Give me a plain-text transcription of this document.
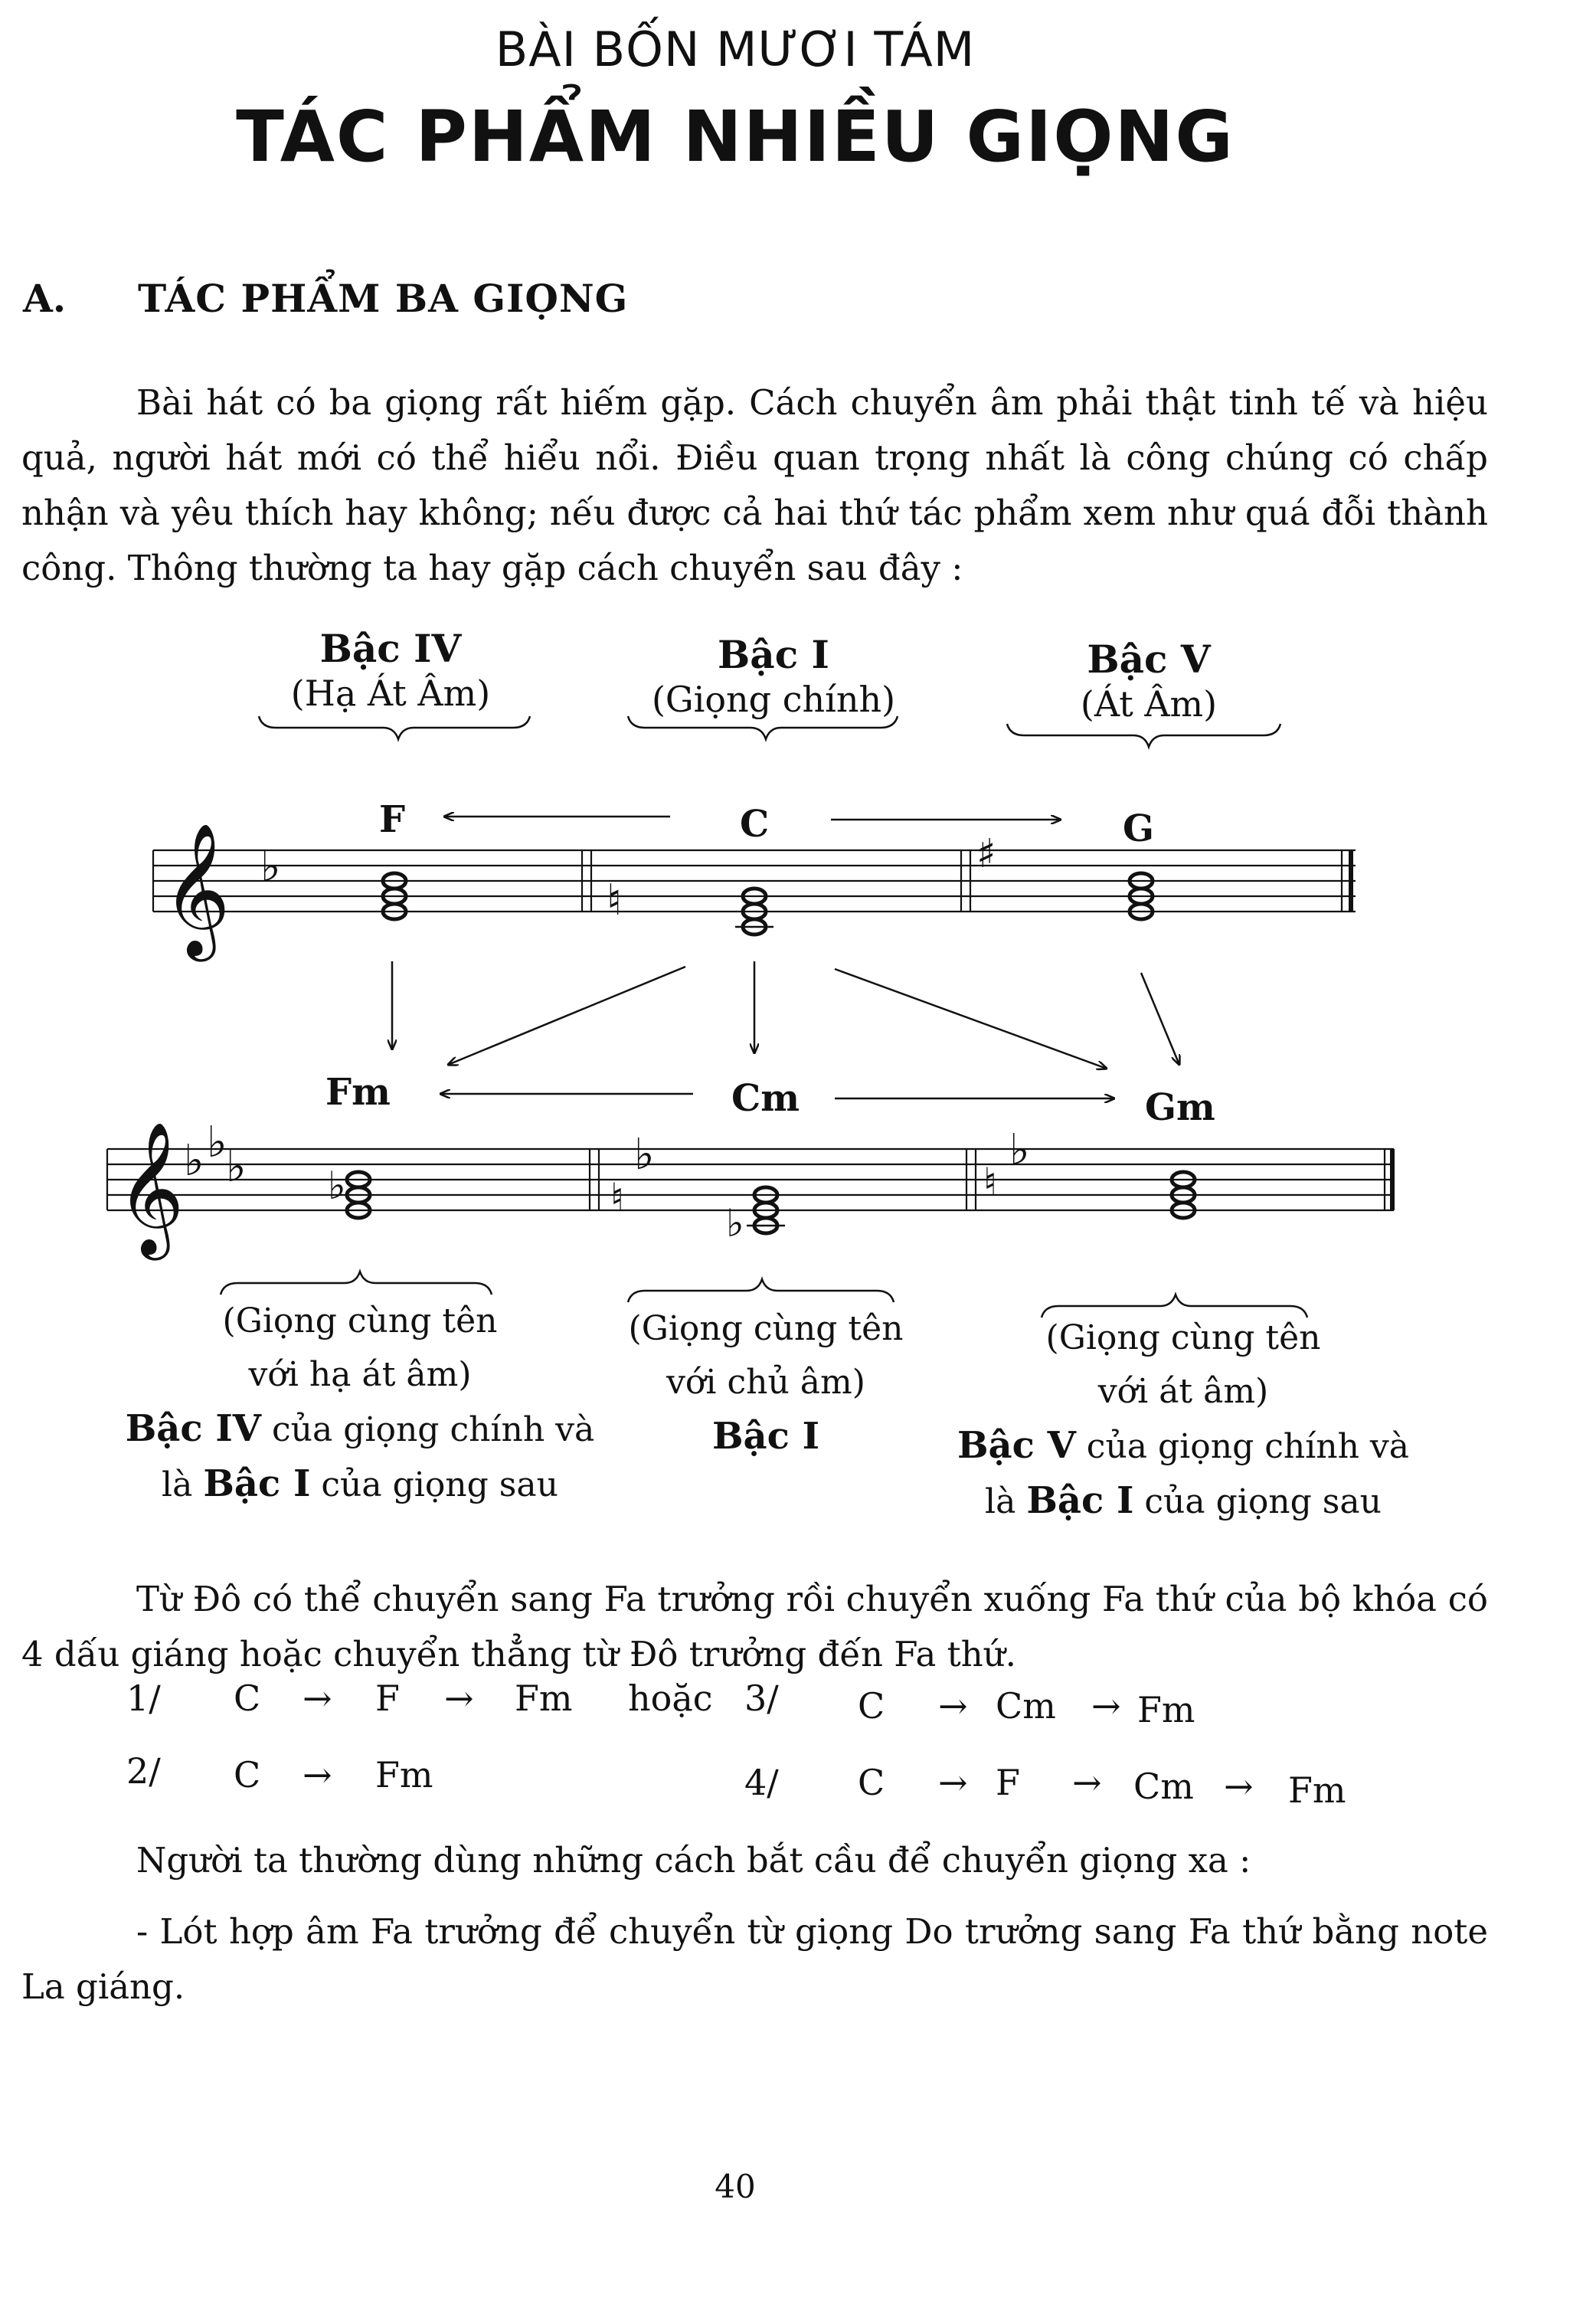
BÀI BỐN MƯƠI TÁM
TÁC PHẨM NHIỀU GIỌNG
A. TÁC PHẨM BA GIỌNG
Bài hát có ba giọng rất hiếm gặp. Cách chuyển âm phải thật tinh tế và hiệu quả, người hát mới có thể hiểu nổi. Điều quan trọng nhất là công chúng có chấp nhận và yêu thích hay không; nếu được cả hai thứ tác phẩm xem như quá đỗi thành công. Thông thường ta hay gặp cách chuyển sau đây :
Bậc IV
(Hạ Át Âm)
Bậc I
(Giọng chính)
Bậc V
(Át Âm)
F	C	G
Fm	Cm	Gm
𝄞 ♭
♮
♯
𝄞 ♭ ♭
♭ ♭	♮
♭
♭
♮
♭
(Giọng cùng tên
với hạ át âm)
Bậc IV của giọng chính và
là Bậc I của giọng sau
(Giọng cùng tên
với chủ âm)
Bậc I
(Giọng cùng tên
với át âm)
Bậc V của giọng chính và
là Bậc I của giọng sau
Từ Đô có thể chuyển sang Fa trưởng rồi chuyển xuống Fa thứ của bộ khóa có 4 dấu giáng hoặc chuyển thẳng từ Đô trưởng đến Fa thứ.
1/ C → F → Fm hoặc 3/ C → Cm → Fm
2/ C → Fm	4/ C → F → Cm → Fm
Người ta thường dùng những cách bắt cầu để chuyển giọng xa :
- Lót hợp âm Fa trưởng để chuyển từ giọng Do trưởng sang Fa thứ bằng note La giáng.
40
